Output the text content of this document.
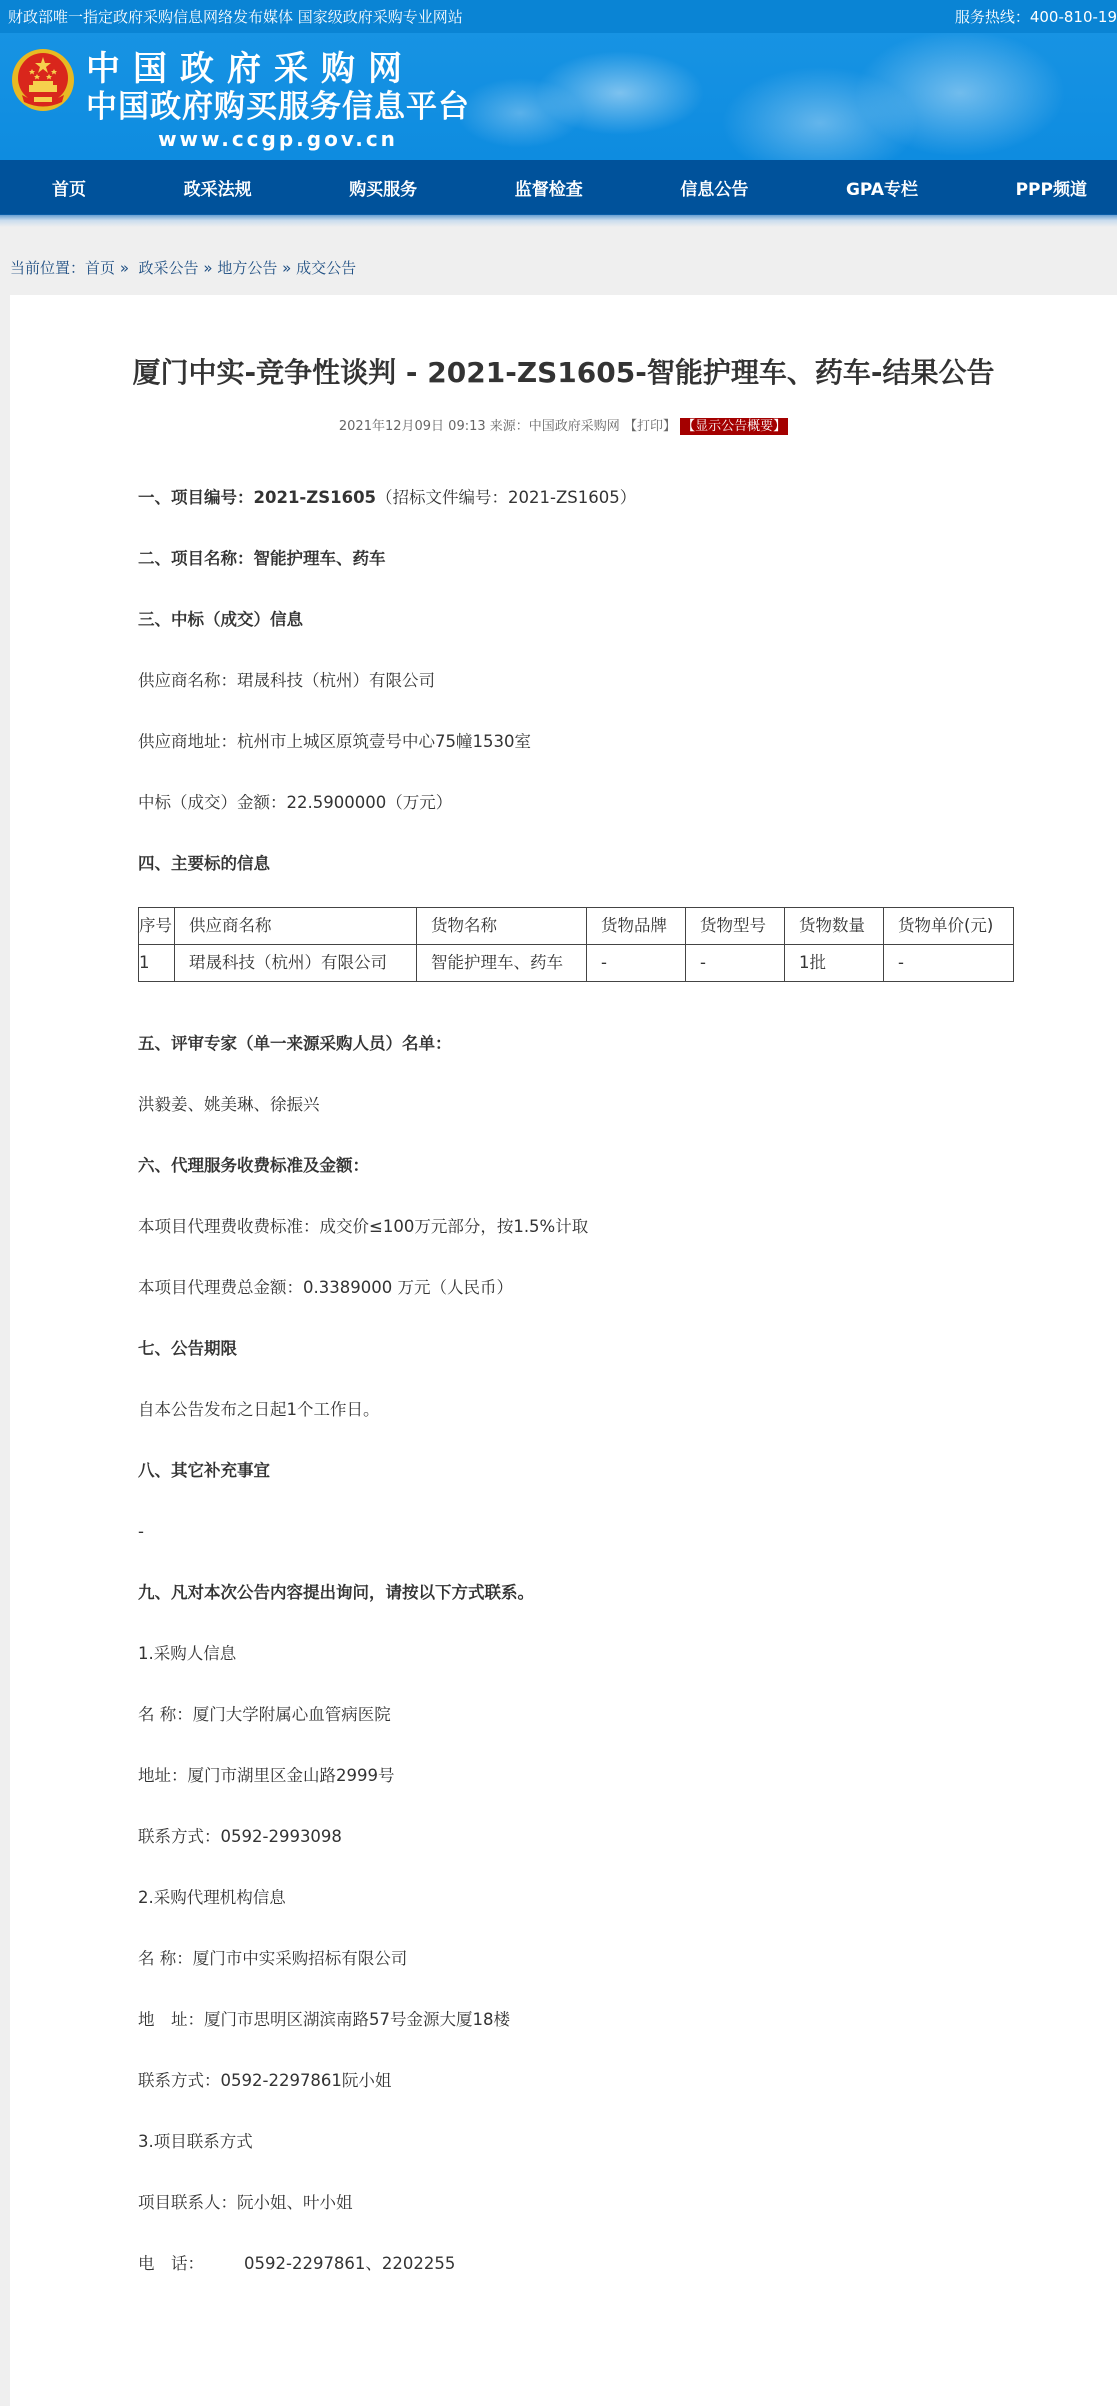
财政部唯一指定政府采购信息网络发布媒体 国家级政府采购专业网站	服务热线：400-810-19
中国政府采购网
中国政府购买服务信息平台
www.ccgp.gov.cn
首页	政采法规	购买服务	监督检查	信息公告	GPA专栏	PPP频道
当前位置：首页 » 政采公告 » 地方公告 » 成交公告
厦门中实-竞争性谈判 - 2021-ZS1605-智能护理车、药车-结果公告
2021年12月09日 09:13 来源：中国政府采购网 【打印】 【显示公告概要】

一、项目编号：2021-ZS1605（招标文件编号：2021-ZS1605）

二、项目名称：智能护理车、药车

三、中标（成交）信息

供应商名称：珺晟科技（杭州）有限公司

供应商地址：杭州市上城区原筑壹号中心75幢1530室

中标（成交）金额：22.5900000（万元）

四、主要标的信息

序号	供应商名称	货物名称	货物品牌	货物型号	货物数量	货物单价(元)
1	珺晟科技（杭州）有限公司	智能护理车、药车	-	-	1批	-

五、评审专家（单一来源采购人员）名单：

洪毅姜、姚美琳、徐振兴

六、代理服务收费标准及金额：

本项目代理费收费标准：成交价≤100万元部分，按1.5%计取

本项目代理费总金额：0.3389000 万元（人民币）

七、公告期限

自本公告发布之日起1个工作日。

八、其它补充事宜

-

九、凡对本次公告内容提出询问，请按以下方式联系。

1.采购人信息

名 称：厦门大学附属心血管病医院

地址：厦门市湖里区金山路2999号

联系方式：0592-2993098

2.采购代理机构信息

名 称：厦门市中实采购招标有限公司

地　址：厦门市思明区湖滨南路57号金源大厦18楼

联系方式：0592-2297861阮小姐

3.项目联系方式

项目联系人：阮小姐、叶小姐

电　话： 0592-2297861、2202255
